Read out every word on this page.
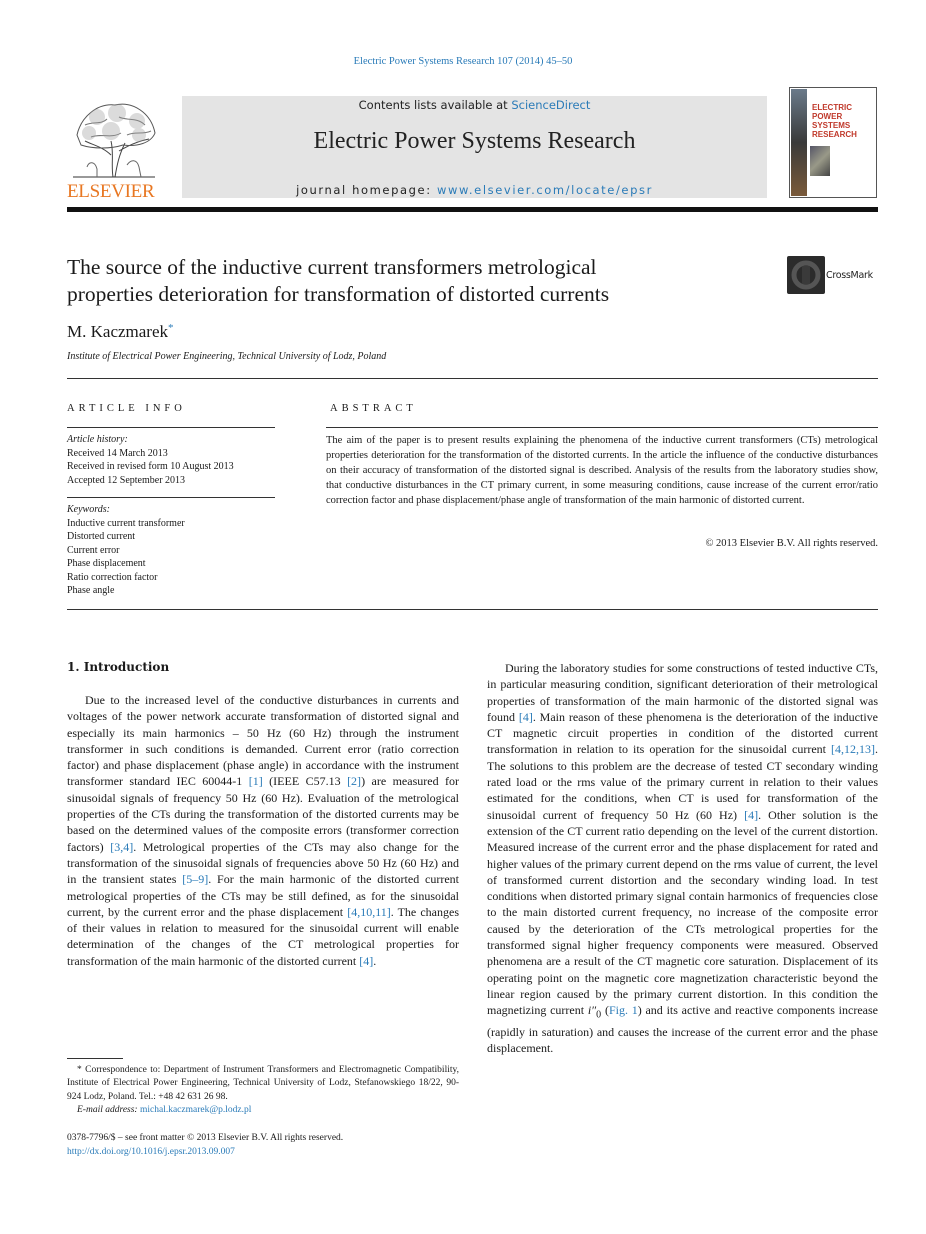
Electric Power Systems Research 107 (2014) 45–50
ELSEVIER
Contents lists available at ScienceDirect
Electric Power Systems Research
journal homepage: www.elsevier.com/locate/epsr
ELECTRIC POWER SYSTEMS RESEARCH
The source of the inductive current transformers metrological
properties deterioration for transformation of distorted currents
CrossMark
M. Kaczmarek*
Institute of Electrical Power Engineering, Technical University of Lodz, Poland
ARTICLE INFO
Article history:
Received 14 March 2013
Received in revised form 10 August 2013
Accepted 12 September 2013
Keywords:
Inductive current transformer
Distorted current
Current error
Phase displacement
Ratio correction factor
Phase angle
ABSTRACT
The aim of the paper is to present results explaining the phenomena of the inductive current transformers (CTs) metrological properties deterioration for the transformation of the distorted currents. In the article the influence of the conductive disturbances on their accuracy of transformation of the distorted signal is described. Analysis of the results from the laboratory studies show, that conductive disturbances in the CT primary current, in some measuring conditions, cause increase of the current error/ratio correction factor and phase displacement/phase angle of transformation of the main harmonic of distorted current.
© 2013 Elsevier B.V. All rights reserved.
1. Introduction

Due to the increased level of the conductive disturbances in currents and voltages of the power network accurate transformation of distorted signal and especially its main harmonics – 50 Hz (60 Hz) through the instrument transformer in such conditions is demanded. Current error (ratio correction factor) and phase displacement (phase angle) in accordance with the instrument transformer standard IEC 60044-1 [1] (IEEE C57.13 [2]) are measured for sinusoidal signals of frequency 50 Hz (60 Hz). Evaluation of the metrological properties of the CTs during the transformation of the distorted currents may be based on the determined values of the composite errors (transformer correction factors) [3,4]. Metrological properties of the CTs may also change for the transformation of the sinusoidal signals of frequencies above 50 Hz (60 Hz) and in the transient states [5–9]. For the main harmonic of the distorted current metrological properties of the CTs may be still defined, as for the sinusoidal current, by the current error and the phase displacement [4,10,11]. The changes of their values in relation to measured for the sinusoidal current will enable determination of the changes of the CT metrological properties for transformation of the main harmonic of the distorted current [4].

During the laboratory studies for some constructions of tested inductive CTs, in particular measuring condition, significant deterioration of their metrological properties of transformation of the main harmonic of the distorted signal was found [4]. Main reason of these phenomena is the deterioration of the inductive CT magnetic circuit properties in condition of the distorted current transformation in relation to its operation for the sinusoidal current [4,12,13]. The solutions to this problem are the decrease of tested CT secondary winding rated load or the rms value of the primary current in relation to their values estimated for the conditions, when CT is used for transformation of the sinusoidal current of frequency 50 Hz (60 Hz) [4]. Other solution is the extension of the CT current ratio depending on the level of the current distortion. Measured increase of the current error and the phase displacement for rated and higher values of the primary current depend on the rms value of current, the level of transformed current distortion and the secondary winding load. In test conditions when distorted primary signal contain harmonics of frequencies close to the main distorted current frequency, no increase of the composite error caused by the deterioration of the CTs metrological properties for the transformed signal higher frequency components were measured. Observed phenomena are a result of the CT magnetic core saturation. Displacement of its operating point on the magnetic core magnetization characteristic beyond the linear region caused by the primary current distortion. In this condition the magnetizing current $i''_0$ (Fig. 1) and its active and reactive components increase (rapidly in saturation) and causes the increase of the current error and the phase displacement.

* Correspondence to: Department of Instrument Transformers and Electromagnetic Compatibility, Institute of Electrical Power Engineering, Technical University of Lodz, Stefanowskiego 18/22, 90-924 Lodz, Poland. Tel.: +48 42 631 26 98.

E-mail address: michal.kaczmarek@p.lodz.pl

0378-7796/$ – see front matter © 2013 Elsevier B.V. All rights reserved.
http://dx.doi.org/10.1016/j.epsr.2013.09.007
